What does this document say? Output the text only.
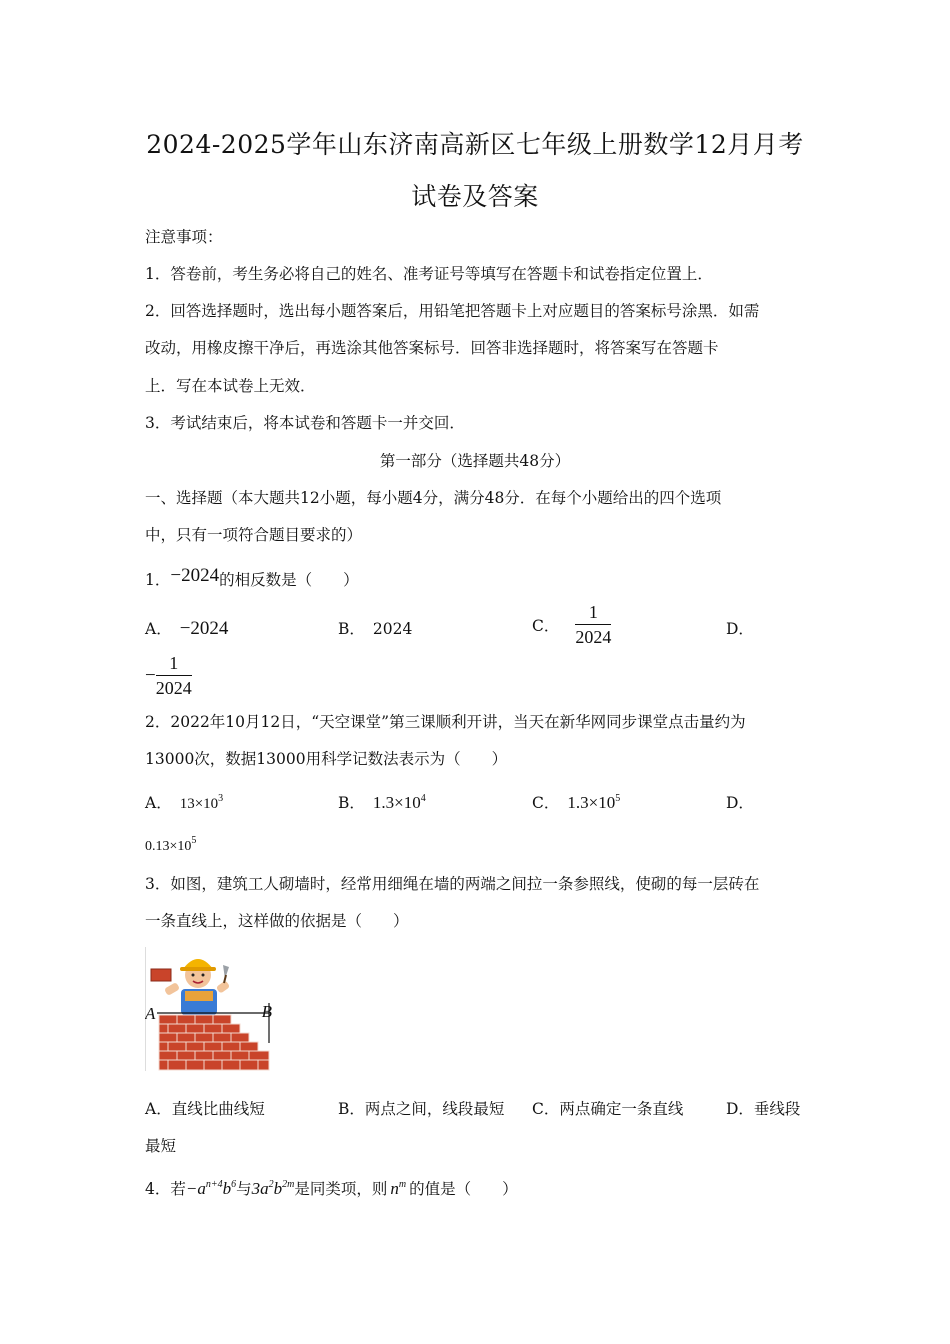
2024-2025学年山东济南高新区七年级上册数学12月月考
试卷及答案
注意事项：
1．答卷前，考生务必将自己的姓名、准考证号等填写在答题卡和试卷指定位置上．
2．回答选择题时，选出每小题答案后，用铅笔把答题卡上对应题目的答案标号涂黑．如需
改动，用橡皮擦干净后，再选涂其他答案标号．回答非选择题时，将答案写在答题卡
上．写在本试卷上无效．
3．考试结束后，将本试卷和答题卡一并交回．
第一部分（选择题共48分）
一、选择题（本大题共12小题，每小题4分，满分48分．在每个小题给出的四个选项
中，只有一项符合题目要求的）
1．−2024的相反数是（　　）
A． −2024	B． 2024	C． $\frac{1}{2024}$	D．
− $\frac{1}{2024}$
2．2022年10月12日，“天空课堂”第三课顺利开讲，当天在新华网同步课堂点击量约为
13000次，数据13000用科学记数法表示为（　　）
A． $13\times 10^3$	B． $1.3\times 10^4$	C． $1.3\times 10^5$	D．
$0.13\times 10^5$
3．如图，建筑工人砌墙时，经常用细绳在墙的两端之间拉一条参照线，使砌的每一层砖在
一条直线上，这样做的依据是（　　）
A	B
A．直线比曲线短	B．两点之间，线段最短 C．两点确定一条直线	D．垂线段
最短
4．若$-a^{n+4}b^6$与$3a^2b^{2m}$是同类项，则 $n^m$ 的值是（　　）
